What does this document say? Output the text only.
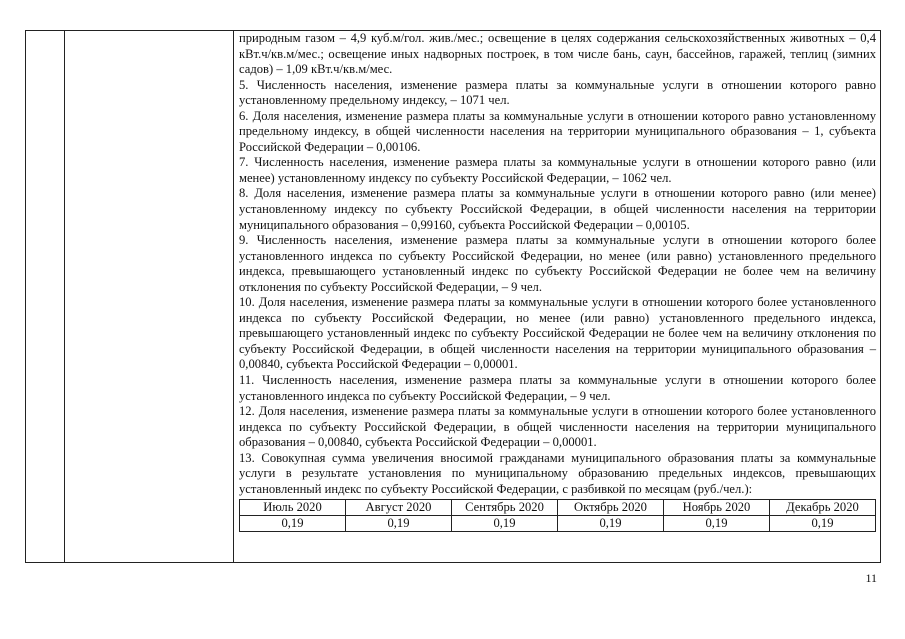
природным газом – 4,9 куб.м/гол. жив./мес.; освещение в целях содержания сельскохозяйственных животных – 0,4 кВт.ч/кв.м/мес.; освещение иных надворных построек, в том числе бань, саун, бассейнов, гаражей, теплиц (зимних садов) – 1,09 кВт.ч/кв.м/мес.

5. Численность населения, изменение размера платы за коммунальные услуги в отношении которого равно установленному предельному индексу, – 1071 чел.

6. Доля населения, изменение размера платы за коммунальные услуги в отношении которого равно установленному предельному индексу, в общей численности населения на территории муниципального образования – 1, субъекта Российской Федерации – 0,00106.

7. Численность населения, изменение размера платы за коммунальные услуги в отношении которого равно (или менее) установленному индексу по субъекту Российской Федерации, – 1062 чел.

8. Доля населения, изменение размера платы за коммунальные услуги в отношении которого равно (или менее) установленному индексу по субъекту Российской Федерации, в общей численности населения на территории муниципального образования – 0,99160, субъекта Российской Федерации – 0,00105.

9. Численность населения, изменение размера платы за коммунальные услуги в отношении которого более установленного индекса по субъекту Российской Федерации, но менее (или равно) установленного предельного индекса, превышающего установленный индекс по субъекту Российской Федерации не более чем на величину отклонения по субъекту Российской Федерации, – 9 чел.

10. Доля населения, изменение размера платы за коммунальные услуги в отношении которого более установленного индекса по субъекту Российской Федерации, но менее (или равно) установленного предельного индекса, превышающего установленный индекс по субъекту Российской Федерации не более чем на величину отклонения по субъекту Российской Федерации, в общей численности населения на территории муниципального образования – 0,00840, субъекта Российской Федерации – 0,00001.

11. Численность населения, изменение размера платы за коммунальные услуги в отношении которого более установленного индекса по субъекту Российской Федерации, – 9 чел.

12. Доля населения, изменение размера платы за коммунальные услуги в отношении которого более установленного индекса по субъекту Российской Федерации, в общей численности населения на территории муниципального образования – 0,00840, субъекта Российской Федерации – 0,00001.

13. Совокупная сумма увеличения вносимой гражданами муниципального образования платы за коммунальные услуги в результате установления по муниципальному образованию предельных индексов, превышающих установленный индекс по субъекту Российской Федерации, с разбивкой по месяцам (руб./чел.):

Июль 2020	Август 2020	Сентябрь 2020	Октябрь 2020	Ноябрь 2020	Декабрь 2020
0,19	0,19	0,19	0,19	0,19	0,19
11
